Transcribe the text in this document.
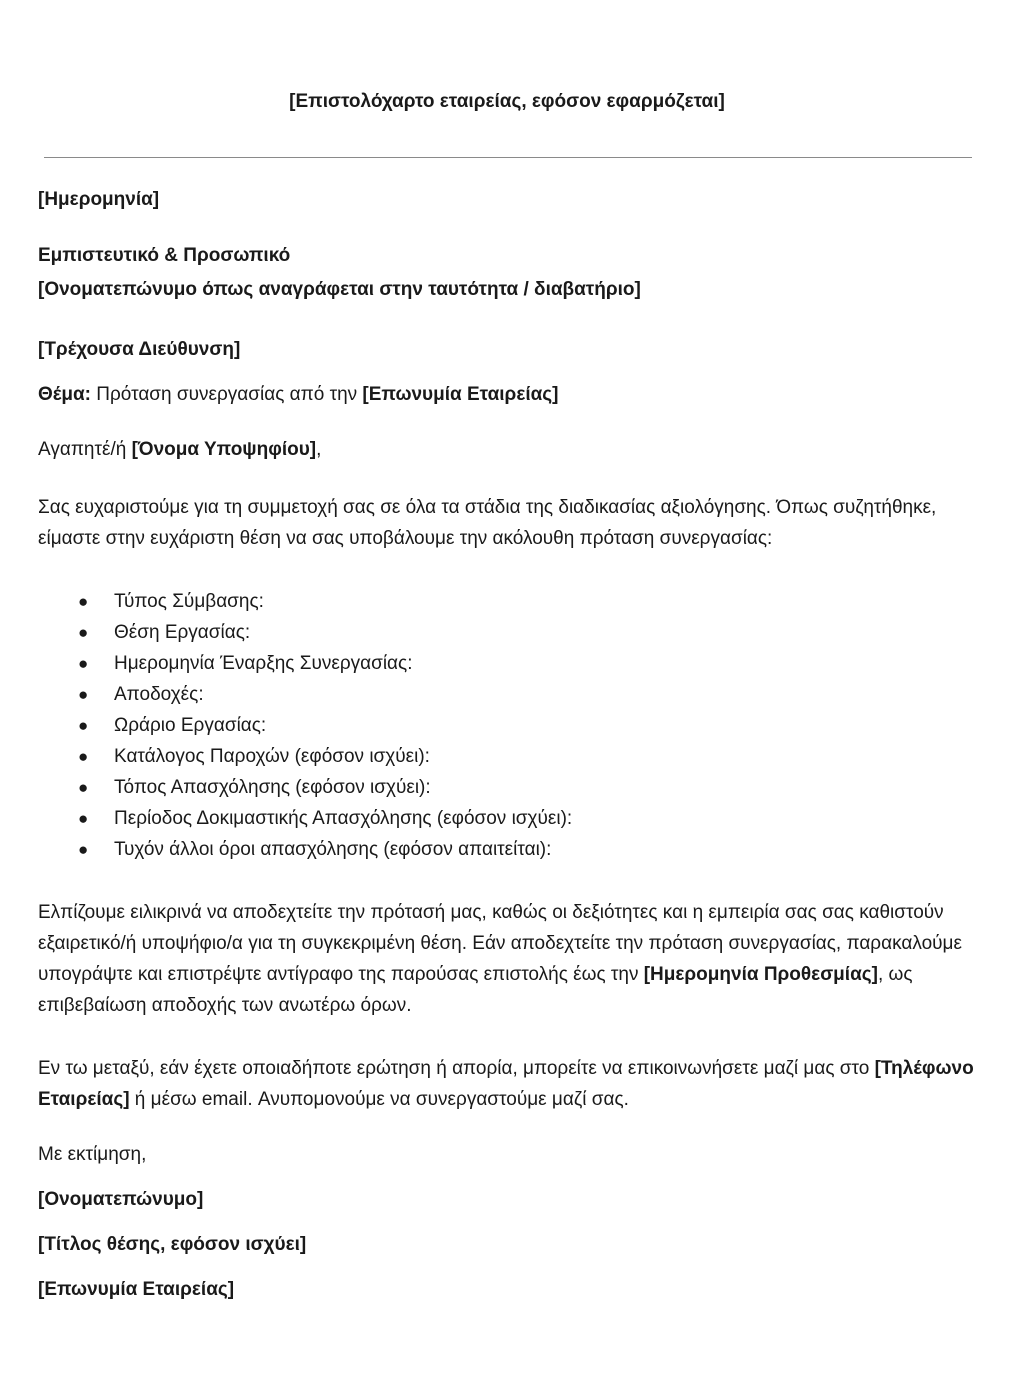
[Επιστολόχαρτο εταιρείας, εφόσον εφαρμόζεται]

[Ημερομηνία]

Εμπιστευτικό & Προσωπικό
[Ονοματεπώνυμο όπως αναγράφεται στην ταυτότητα / διαβατήριο]

[Τρέχουσα Διεύθυνση]

Θέμα: Πρόταση συνεργασίας από την [Επωνυμία Εταιρείας]

Αγαπητέ/ή [Όνομα Υποψηφίου],

Σας ευχαριστούμε για τη συμμετοχή σας σε όλα τα στάδια της διαδικασίας αξιολόγησης. Όπως συζητήθηκε, είμαστε στην ευχάριστη θέση να σας υποβάλουμε την ακόλουθη πρόταση συνεργασίας:

● Τύπος Σύμβασης:
● Θέση Εργασίας:
● Ημερομηνία Έναρξης Συνεργασίας:
● Αποδοχές:
● Ωράριο Εργασίας:
● Κατάλογος Παροχών (εφόσον ισχύει):
● Τόπος Απασχόλησης (εφόσον ισχύει):
● Περίοδος Δοκιμαστικής Απασχόλησης (εφόσον ισχύει):
● Τυχόν άλλοι όροι απασχόλησης (εφόσον απαιτείται):

Ελπίζουμε ειλικρινά να αποδεχτείτε την πρότασή μας, καθώς οι δεξιότητες και η εμπειρία σας σας καθιστούν εξαιρετικό/ή υποψήφιο/α για τη συγκεκριμένη θέση. Εάν αποδεχτείτε την πρόταση συνεργασίας, παρακαλούμε υπογράψτε και επιστρέψτε αντίγραφο της παρούσας επιστολής έως την [Ημερομηνία Προθεσμίας], ως επιβεβαίωση αποδοχής των ανωτέρω όρων.

Εν τω μεταξύ, εάν έχετε οποιαδήποτε ερώτηση ή απορία, μπορείτε να επικοινωνήσετε μαζί μας στο [Τηλέφωνο Εταιρείας] ή μέσω email. Ανυπομονούμε να συνεργαστούμε μαζί σας.

Με εκτίμηση,

[Ονοματεπώνυμο]

[Τίτλος θέσης, εφόσον ισχύει]

[Επωνυμία Εταιρείας]
